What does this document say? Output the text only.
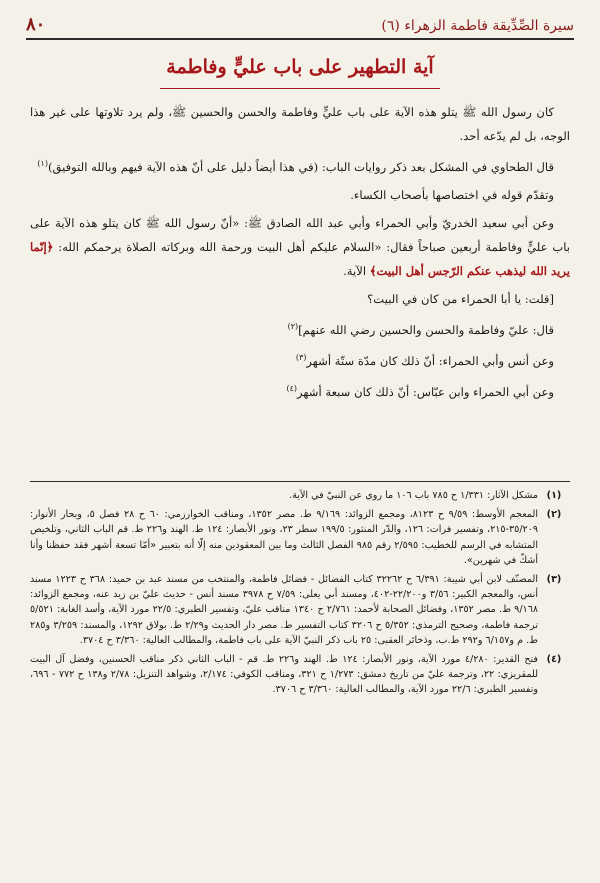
٨٠	سيرة الصِّدِّيقة فاطمة الزهراء (٦)
آية التطهير على باب عليٍّ وفاطمة

كان رسول الله ﷺ يتلو هذه الآية على باب عليٍّ وفاطمة والحسن والحسين ﷺ، ولم يرد تلاوتها على غير هذا الوجه، بل لم يدّعه أحد.

قال الطحاوي في المشكل بعد ذكر روايات الباب: (في هذا أيضاً دليل على أنّ هذه الآية فيهم وبالله التوفيق)$^{(١)}$

وتقدّم قوله في اختصاصها بأصحاب الكساء.

وعن أبي سعيد الخدريّ وأبي الحمراء وأبي عبد الله الصادق ﷺ: «أنّ رسول الله ﷺ كان يتلو هذه الآية على باب عليٍّ وفاطمة أربعين صباحاً فقال: «السلام عليكم أهل البيت ورحمة الله وبركاته الصلاة يرحمكم الله: ﴿إنّما يريد الله ليذهب عنكم الرّجس أهل البيت﴾ الآية.

[قلت: يا أبا الحمراء من كان في البيت؟

قال: عليّ وفاطمة والحسن والحسين رضي الله عنهم]$^{(٢)}$

وعن أنس وأبي الحمراء: أنّ ذلك كان مدّة ستّة أشهر$^{(٣)}$

وعن أبي الحمراء وابن عبّاس: أنّ ذلك كان سبعة أشهر$^{(٤)}$

(١)
مشكل الآثار: ١/٣٣١ ح ٧٨٥ باب ١٠٦ ما روي عن النبيّ في الآية.
(٢)
المعجم الأوسط: ٩/٥٩ ح ٨١٢٣، ومجمع الزوائد: ٩/١٦٩ ط. مصر ١٣٥٢، ومناقب الخوارزمي: ٦٠ ح ٢٨ فصل ٥، وبحار الأنوار: ٣٥/٢٠٩-٢١٥، وتفسير فرات: ١٢٦، والدّر المنثور: ١٩٩/٥ سطر ٢٣، ونور الأبصار: ١٢٤ ط. الهند و٢٢٦ ط. قم الباب الثاني، وتلخيص المتشابه في الرسم للخطيب: ٢/٥٩٥ رقم ٩٨٥ الفصل الثالث وما بين المعقودين منه إلّا أنه بتعبير «أمّا تسعة أشهر فقد حفظنا وأنا أشكّ في شهرين».
(٣)
المصنّف لابن أبي شيبة: ٦/٣٩١ ح ٣٢٢٦٢ كتاب الفضائل - فضائل فاطمة، والمنتخب من مسند عبد بن حميد: ٣٦٨ ح ١٢٢٣ مسند أنس، والمعجم الكبير: ٣/٥٦ و٢٢/٢٠٠-٤٠٢، ومسند أبي يعلى: ٧/٥٩ ح ٣٩٧٨ مسند أنس - حديث عليّ بن زيد عنه، ومجمع الزوائد: ٩/١٦٨ ط. مصر ١٣٥٢، وفضائل الصحابة لأحمد: ٢/٧٦١ ح ١٣٤٠ مناقب عليّ، وتفسير الطبري: ٢٢/٥ مورد الآية، وأسد الغابة: ٥/٥٢١ ترجمة فاطمة، وصحيح الترمذي: ٥/٣٥٢ ح ٣٢٠٦ كتاب التفسير ط. مصر دار الحديث و٢/٢٩ ط. بولاق ١٢٩٢، والمسند: ٣/٢٥٩ و٢٨٥ ط. م و٦/١٥٧ و٢٩٢ ط.ب، وذخائر العقبى: ٢٥ باب ذكر النبيّ الآية على باب فاطمة، والمطالب العالية: ٣/٣٦٠ ح ٣٧٠٤.
(٤)
فتح القدير: ٤/٢٨٠ مورد الآية، ونور الأبصار: ١٢٤ ط. الهند و٢٢٦ ط. قم - الباب الثاني ذكر مناقب الحسنين، وفضل آل البيت للمقريزي: ٢٢، وترجمة عليّ من تاريخ دمشق: ١/٢٧٣ ح ٣٢١، ومناقب الكوفي: ٢/١٧٤، وشواهد التنزيل: ٢/٧٨ و١٣٨ ح ٧٧٢ - ٦٩٦، وتفسير الطبري: ٢٢/٦ مورد الآية، والمطالب العالية: ٣/٣٦٠ ح ٣٧٠٦.
